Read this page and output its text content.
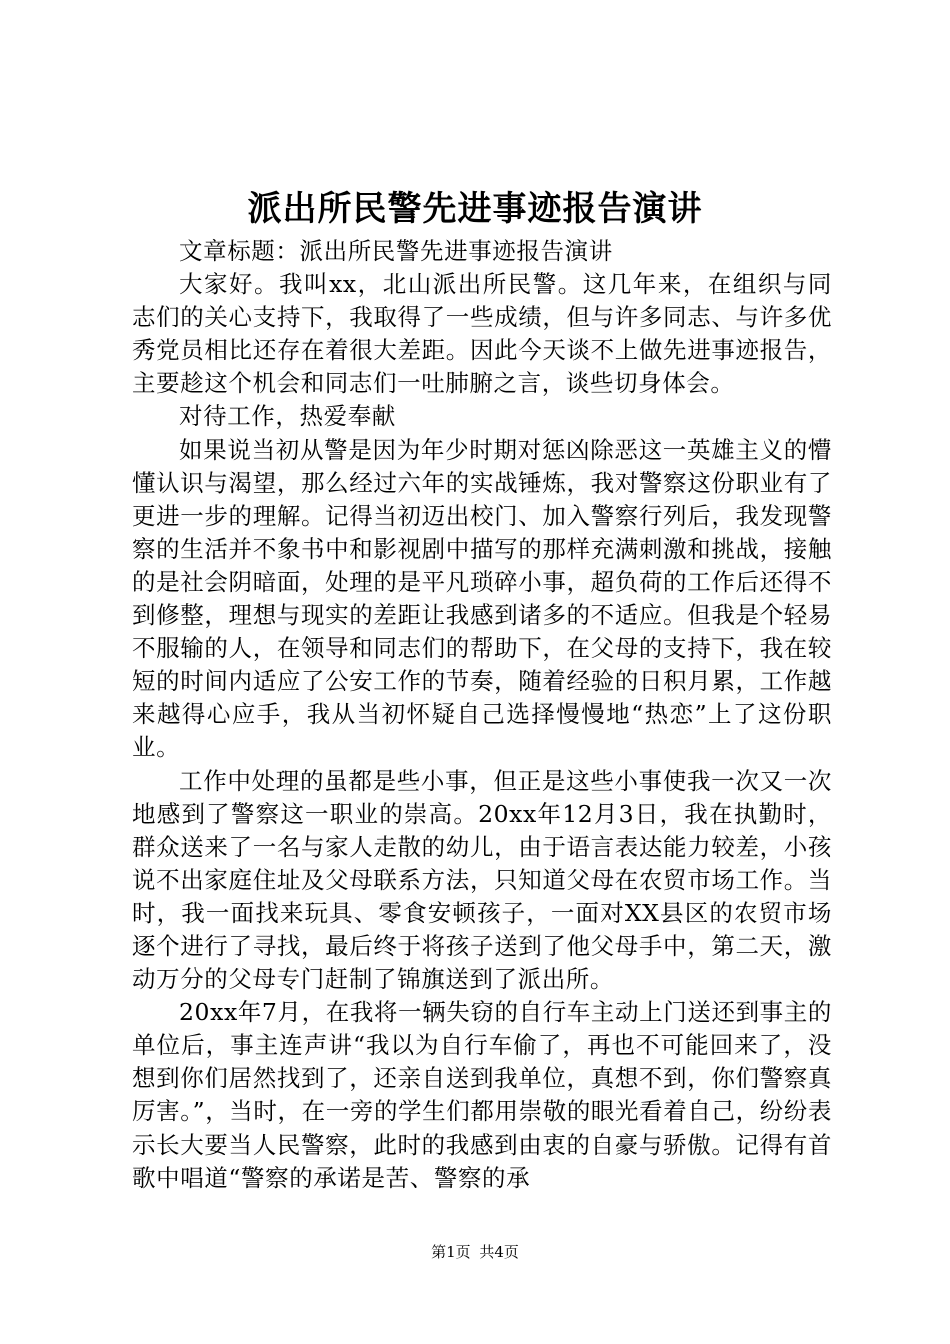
派出所民警先进事迹报告演讲

文章标题：派出所民警先进事迹报告演讲

大家好。我叫xx，北山派出所民警。这几年来，在组织与同志们的关心支持下，我取得了一些成绩，但与许多同志、与许多优秀党员相比还存在着很大差距。因此今天谈不上做先进事迹报告，主要趁这个机会和同志们一吐肺腑之言，谈些切身体会。

对待工作，热爱奉献

如果说当初从警是因为年少时期对惩凶除恶这一英雄主义的懵懂认识与渴望，那么经过六年的实战锤炼，我对警察这份职业有了更进一步的理解。记得当初迈出校门、加入警察行列后，我发现警察的生活并不象书中和影视剧中描写的那样充满刺激和挑战，接触的是社会阴暗面，处理的是平凡琐碎小事，超负荷的工作后还得不到修整，理想与现实的差距让我感到诸多的不适应。但我是个轻易不服输的人，在领导和同志们的帮助下，在父母的支持下，我在较短的时间内适应了公安工作的节奏，随着经验的日积月累，工作越来越得心应手，我从当初怀疑自己选择慢慢地“热恋”上了这份职业。

工作中处理的虽都是些小事，但正是这些小事使我一次又一次地感到了警察这一职业的崇高。20xx年12月3日，我在执勤时，群众送来了一名与家人走散的幼儿，由于语言表达能力较差，小孩说不出家庭住址及父母联系方法，只知道父母在农贸市场工作。当时，我一面找来玩具、零食安顿孩子，一面对XX县区的农贸市场逐个进行了寻找，最后终于将孩子送到了他父母手中，第二天，激动万分的父母专门赶制了锦旗送到了派出所。

20xx年7月，在我将一辆失窃的自行车主动上门送还到事主的单位后，事主连声讲“我以为自行车偷了，再也不可能回来了，没想到你们居然找到了，还亲自送到我单位，真想不到，你们警察真厉害。”，当时，在一旁的学生们都用崇敬的眼光看着自己，纷纷表示长大要当人民警察，此时的我感到由衷的自豪与骄傲。记得有首歌中唱道“警察的承诺是苦、警察的承

第1页 共4页
